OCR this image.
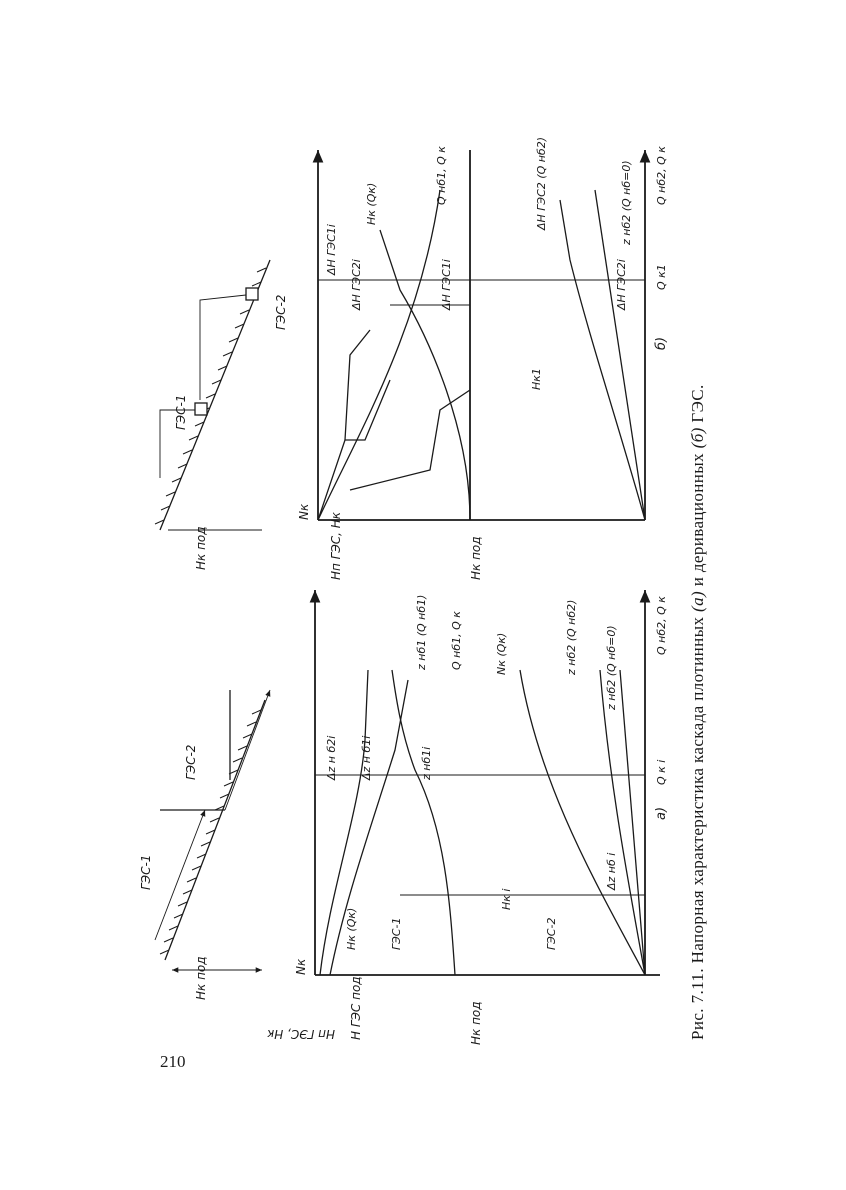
210
Рис. 7.11. Напорная характеристика каскада плотинных (а) и деривационных (б) ГЭС.
Hк под
ГЭС-1
ГЭС-2
Hп ГЭС, Hк
Nк
H ГЭС под	Hк под
Δz н б2i Δz н б1i	z нб1i
z нб1 (Q нб1) Q нб1, Q к
Hк (Qк)	ГЭС-1
Hк i
ГЭС-2
Nк (Qк)	z нб2 (Q нб2) z нб2 (Q нб=0)
Δz нб i
Q к i
Q нб2, Q к
а)
Hк под
ГЭС-1
ГЭС-2
Hп ГЭС, Hк
Nк
Hк под
ΔH ГЭС1i
ΔH ГЭС2i
Hк (Qк)	Q нб1, Q к
ΔH ГЭС1i
Hк1
ΔH ГЭС2 (Q нб2)
ΔH ГЭС2i
z нб2 (Q нб=0)
Q к1
Q нб2, Q к
б)
